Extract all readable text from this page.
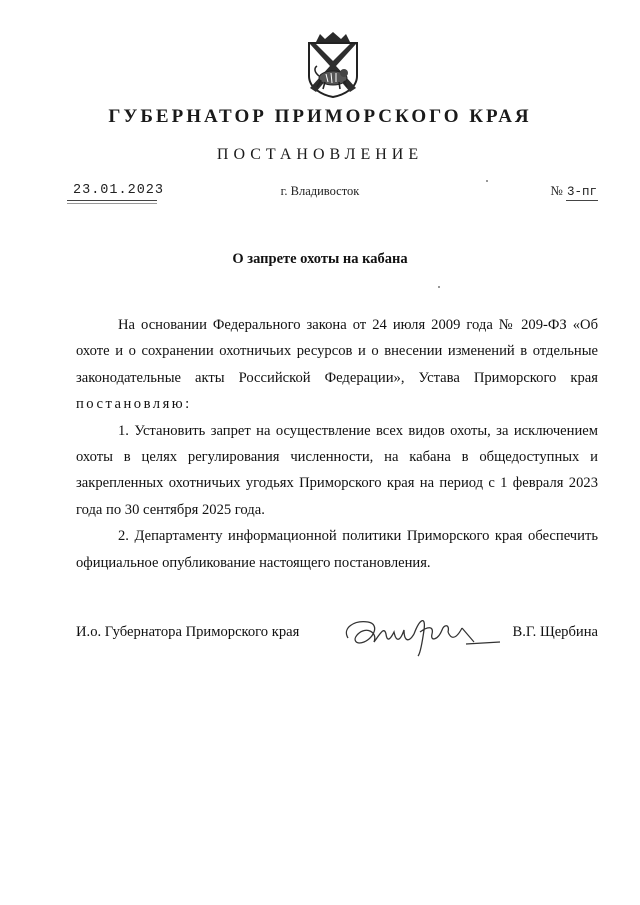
ГУБЕРНАТОР ПРИМОРСКОГО КРАЯ
ПОСТАНОВЛЕНИЕ
23.01.2023	г. Владивосток	№ 3-пг
О запрете охоты на кабана

На основании Федерального закона от 24 июля 2009 года № 209-ФЗ «Об охоте и о сохранении охотничьих ресурсов и о внесении изменений в отдельные законодательные акты Российской Федерации», Устава Приморского края постановляю:

1. Установить запрет на осуществление всех видов охоты, за исключением охоты в целях регулирования численности, на кабана в общедоступных и закрепленных охотничьих угодьях Приморского края на период с 1 февраля 2023 года по 30 сентября 2025 года.

2. Департаменту информационной политики Приморского края обеспечить официальное опубликование настоящего постановления.

И.о. Губернатора Приморского края	В.Г. Щербина
